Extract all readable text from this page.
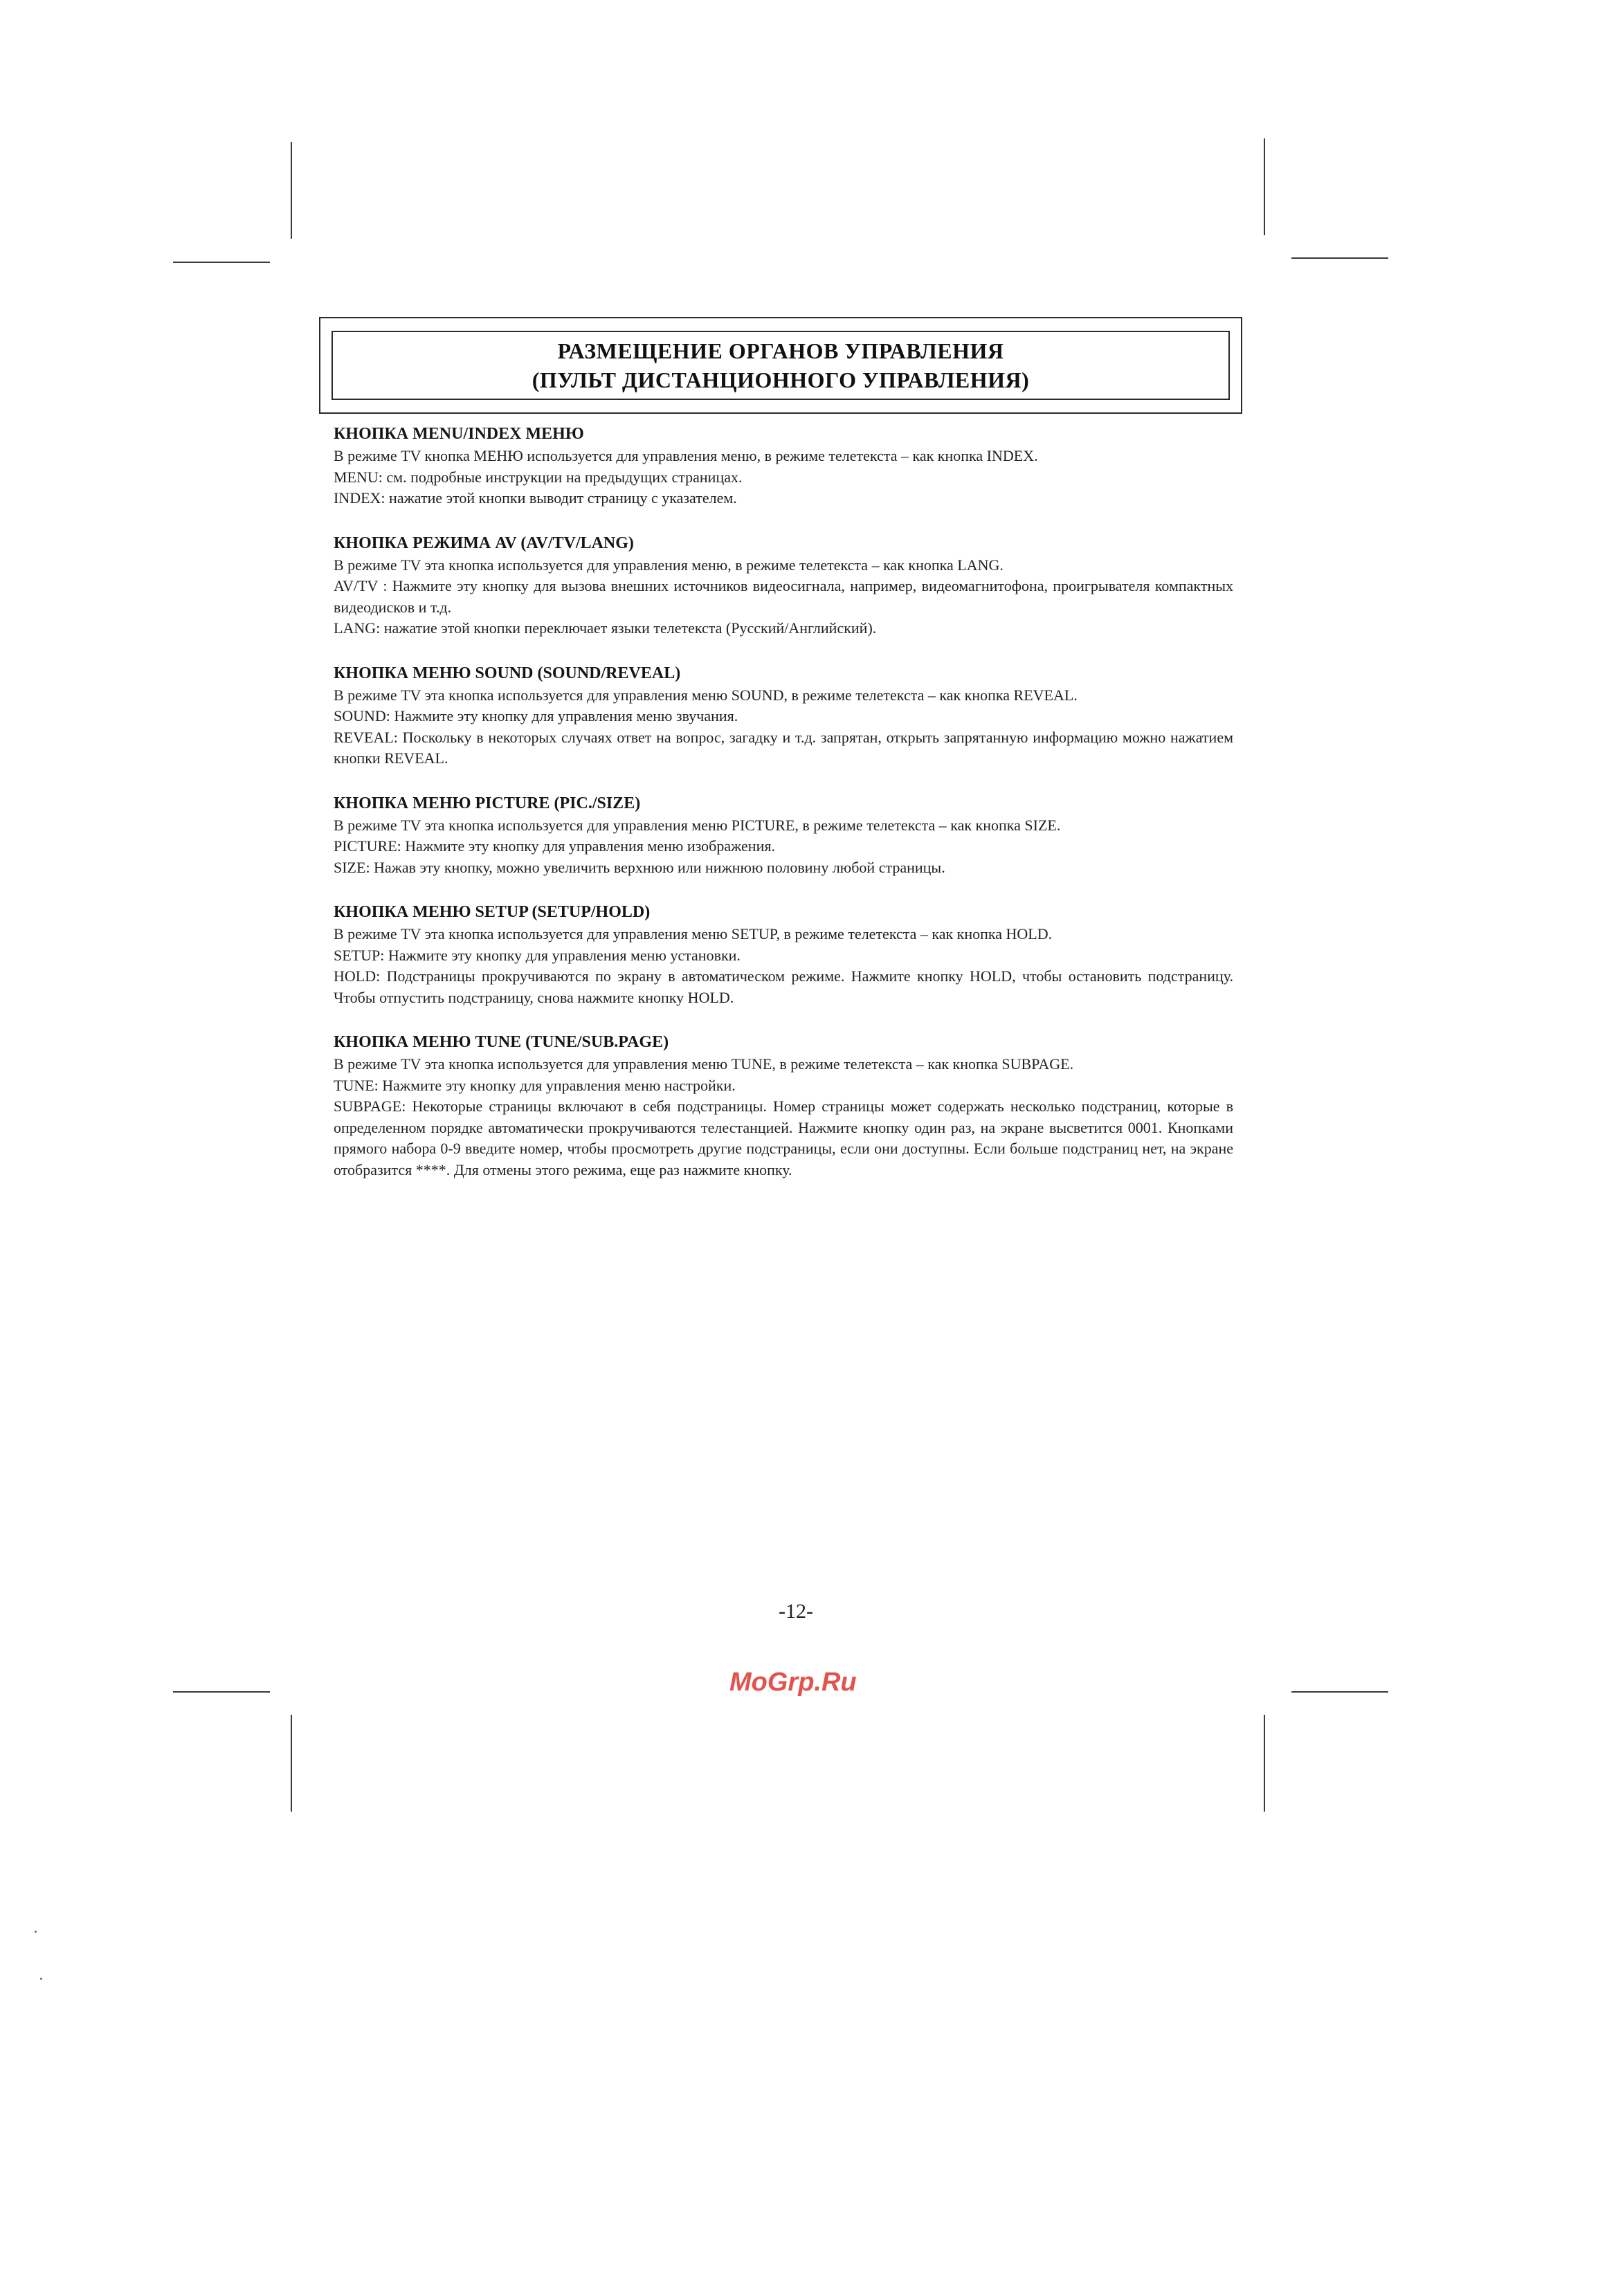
РАЗМЕЩЕНИЕ ОРГАНОВ УПРАВЛЕНИЯ
(ПУЛЬТ ДИСТАНЦИОННОГО УПРАВЛЕНИЯ)
КНОПКА MENU/INDEX МЕНЮ

В режиме TV кнопка МЕНЮ используется для управления меню, в режиме телетекста – как кнопка INDEX.

MENU: см. подробные инструкции на предыдущих страницах.

INDEX: нажатие этой кнопки выводит страницу с указателем.

КНОПКА РЕЖИМА AV (AV/TV/LANG)

В режиме TV эта кнопка используется для управления меню, в режиме телетекста – как кнопка LANG.

AV/TV : Нажмите эту кнопку для вызова внешних источников видеосигнала, например, видеомагнитофона, проигрывателя компактных видеодисков и т.д.

LANG: нажатие этой кнопки переключает языки телетекста (Русский/Английский).

КНОПКА МЕНЮ SOUND (SOUND/REVEAL)

В режиме TV эта кнопка используется для управления меню SOUND, в режиме телетекста – как кнопка REVEAL.

SOUND: Нажмите эту кнопку для управления меню звучания.

REVEAL: Поскольку в некоторых случаях ответ на вопрос, загадку и т.д. запрятан, открыть запрятанную информацию можно нажатием кнопки REVEAL.

КНОПКА МЕНЮ PICTURE (PIC./SIZE)

В режиме TV эта кнопка используется для управления меню PICTURE, в режиме телетекста – как кнопка SIZE.

PICTURE: Нажмите эту кнопку для управления меню изображения.

SIZE: Нажав эту кнопку, можно увеличить верхнюю или нижнюю половину любой страницы.

КНОПКА МЕНЮ SETUP (SETUP/HOLD)

В режиме TV эта кнопка используется для управления меню SETUP, в режиме телетекста – как кнопка HOLD.

SETUP: Нажмите эту кнопку для управления меню установки.

HOLD: Подстраницы прокручиваются по экрану в автоматическом режиме. Нажмите кнопку HOLD, чтобы остановить подстраницу. Чтобы отпустить подстраницу, снова нажмите кнопку HOLD.

КНОПКА МЕНЮ TUNE (TUNE/SUB.PAGE)

В режиме TV эта кнопка используется для управления меню TUNE, в режиме телетекста – как кнопка SUBPAGE.

TUNE: Нажмите эту кнопку для управления меню настройки.

SUBPAGE: Некоторые страницы включают в себя подстраницы. Номер страницы может содержать несколько подстраниц, которые в определенном порядке автоматически прокручиваются телестанцией. Нажмите кнопку один раз, на экране высветится 0001. Кнопками прямого набора 0-9 введите номер, чтобы просмотреть другие подстраницы, если они доступны. Если больше подстраниц нет, на экране отобразится ****. Для отмены этого режима, еще раз нажмите кнопку.

-12-
MoGrp.Ru
